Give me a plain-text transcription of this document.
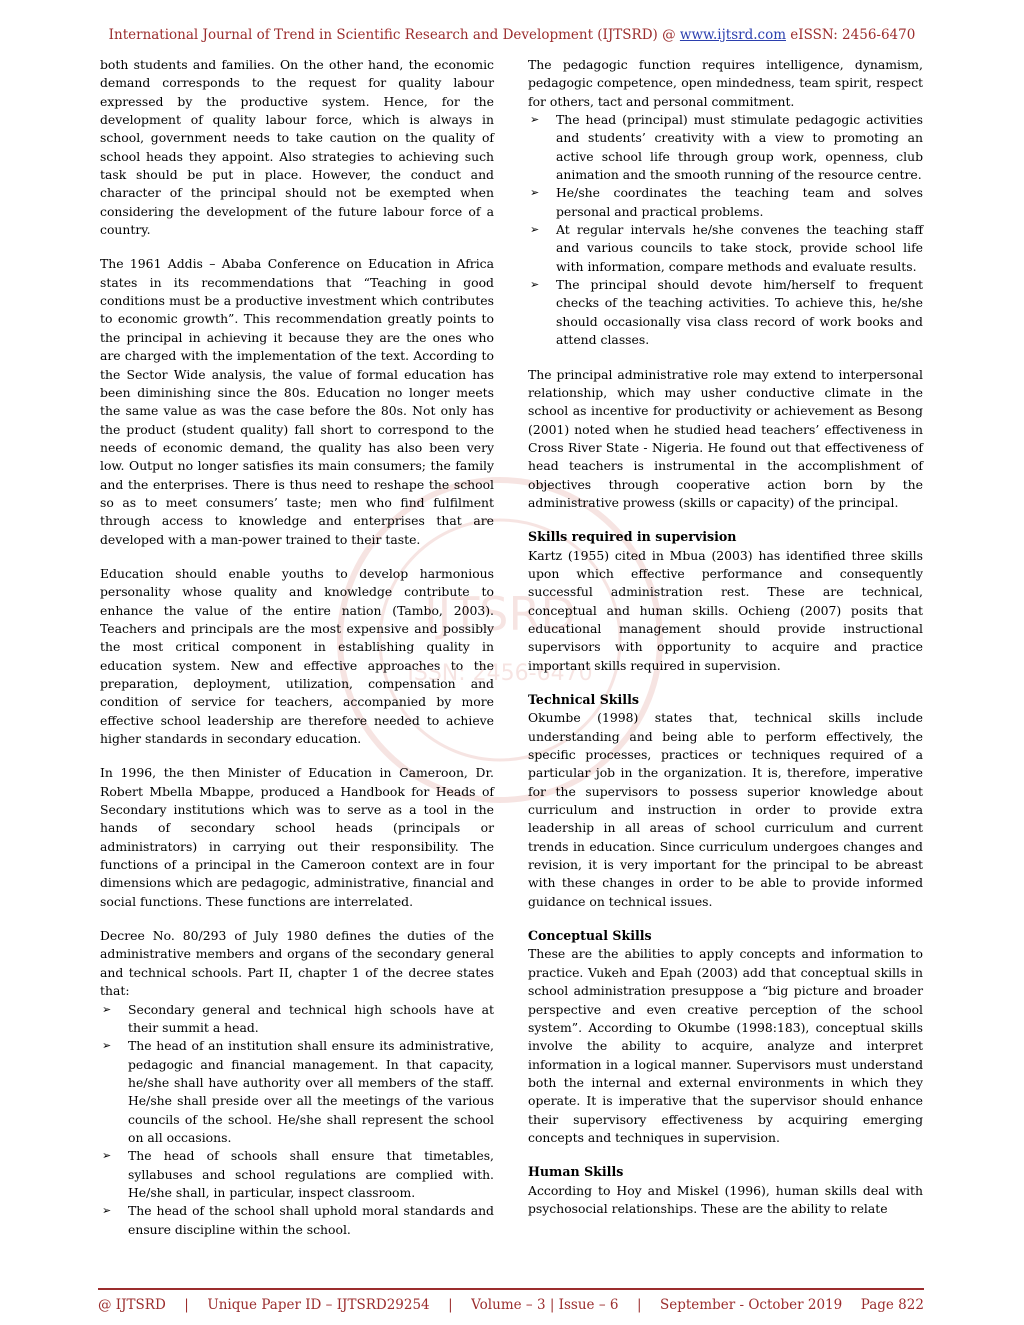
International Journal of Trend in Scientific Research and Development (IJTSRD) @ www.ijtsrd.com eISSN: 2456-6470
IJTSRD
ISSN: 2456-6470

both students and families. On the other hand, the economic demand corresponds to the request for quality labour expressed by the productive system. Hence, for the development of quality labour force, which is always in school, government needs to take caution on the quality of school heads they appoint. Also strategies to achieving such task should be put in place. However, the conduct and character of the principal should not be exempted when considering the development of the future labour force of a country.

The 1961 Addis – Ababa Conference on Education in Africa states in its recommendations that “Teaching in good conditions must be a productive investment which contributes to economic growth”. This recommendation greatly points to the principal in achieving it because they are the ones who are charged with the implementation of the text. According to the Sector Wide analysis, the value of formal education has been diminishing since the 80s. Education no longer meets the same value as was the case before the 80s. Not only has the product (student quality) fall short to correspond to the needs of economic demand, the quality has also been very low. Output no longer satisfies its main consumers; the family and the enterprises. There is thus need to reshape the school so as to meet consumers’ taste; men who find fulfilment through access to knowledge and enterprises that are developed with a man-power trained to their taste.

Education should enable youths to develop harmonious personality whose quality and knowledge contribute to enhance the value of the entire nation (Tambo, 2003). Teachers and principals are the most expensive and possibly the most critical component in establishing quality in education system. New and effective approaches to the preparation, deployment, utilization, compensation and condition of service for teachers, accompanied by more effective school leadership are therefore needed to achieve higher standards in secondary education.

In 1996, the then Minister of Education in Cameroon, Dr. Robert Mbella Mbappe, produced a Handbook for Heads of Secondary institutions which was to serve as a tool in the hands of secondary school heads (principals or administrators) in carrying out their responsibility. The functions of a principal in the Cameroon context are in four dimensions which are pedagogic, administrative, financial and social functions. These functions are interrelated.

Decree No. 80/293 of July 1980 defines the duties of the administrative members and organs of the secondary general and technical schools. Part II, chapter 1 of the decree states that:

➢ Secondary general and technical high schools have at their summit a head.
➢ The head of an institution shall ensure its administrative, pedagogic and financial management. In that capacity, he/she shall have authority over all members of the staff. He/she shall preside over all the meetings of the various councils of the school. He/she shall represent the school on all occasions.
➢ The head of schools shall ensure that timetables, syllabuses and school regulations are complied with. He/she shall, in particular, inspect classroom.
➢ The head of the school shall uphold moral standards and ensure discipline within the school.

The pedagogic function requires intelligence, dynamism, pedagogic competence, open mindedness, team spirit, respect for others, tact and personal commitment.

➢ The head (principal) must stimulate pedagogic activities and students’ creativity with a view to promoting an active school life through group work, openness, club animation and the smooth running of the resource centre.
➢ He/she coordinates the teaching team and solves personal and practical problems.
➢ At regular intervals he/she convenes the teaching staff and various councils to take stock, provide school life with information, compare methods and evaluate results.
➢ The principal should devote him/herself to frequent checks of the teaching activities. To achieve this, he/she should occasionally visa class record of work books and attend classes.

The principal administrative role may extend to interpersonal relationship, which may usher conductive climate in the school as incentive for productivity or achievement as Besong (2001) noted when he studied head teachers’ effectiveness in Cross River State - Nigeria. He found out that effectiveness of head teachers is instrumental in the accomplishment of objectives through cooperative action born by the administrative prowess (skills or capacity) of the principal.

Skills required in supervision

Kartz (1955) cited in Mbua (2003) has identified three skills upon which effective performance and consequently successful administration rest. These are technical, conceptual and human skills. Ochieng (2007) posits that educational management should provide instructional supervisors with opportunity to acquire and practice important skills required in supervision.

Technical Skills

Okumbe (1998) states that, technical skills include understanding and being able to perform effectively, the specific processes, practices or techniques required of a particular job in the organization. It is, therefore, imperative for the supervisors to possess superior knowledge about curriculum and instruction in order to provide extra leadership in all areas of school curriculum and current trends in education. Since curriculum undergoes changes and revision, it is very important for the principal to be abreast with these changes in order to be able to provide informed guidance on technical issues.

Conceptual Skills

These are the abilities to apply concepts and information to practice. Vukeh and Epah (2003) add that conceptual skills in school administration presuppose a “big picture and broader perspective and even creative perception of the school system”. According to Okumbe (1998:183), conceptual skills involve the ability to acquire, analyze and interpret information in a logical manner. Supervisors must understand both the internal and external environments in which they operate. It is imperative that the supervisor should enhance their supervisory effectiveness by acquiring emerging concepts and techniques in supervision.

Human Skills

According to Hoy and Miskel (1996), human skills deal with psychosocial relationships. These are the ability to relate

@ IJTSRD | Unique Paper ID – IJTSRD29254 | Volume – 3 | Issue – 6 | September - October 2019 Page 822
